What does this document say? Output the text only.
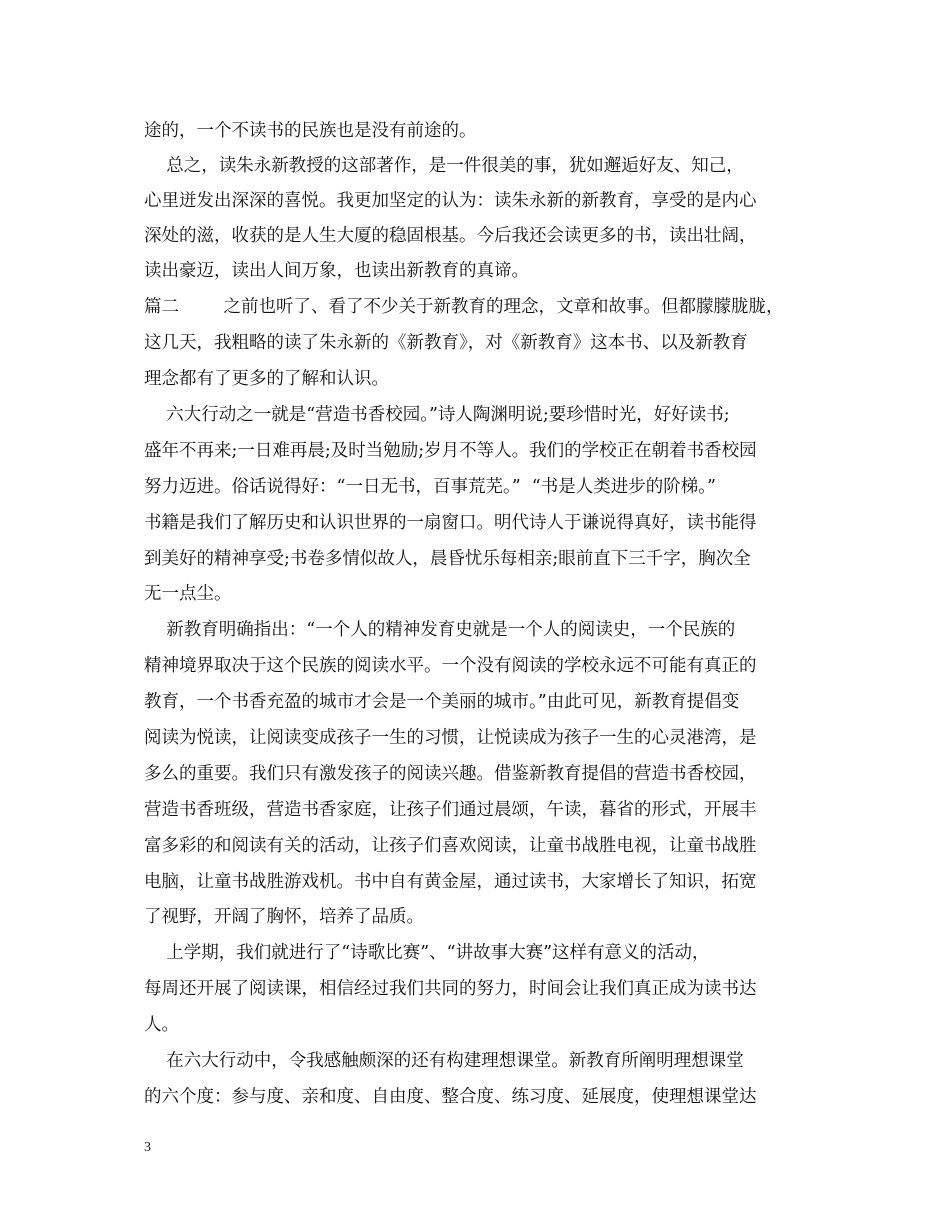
途的，一个不读书的民族也是没有前途的。

总之，读朱永新教授的这部著作，是一件很美的事，犹如邂逅好友、知己，

心里迸发出深深的喜悦。我更加坚定的认为：读朱永新的新教育，享受的是内心

深处的滋，收获的是人生大厦的稳固根基。今后我还会读更多的书，读出壮阔，

读出豪迈，读出人间万象，也读出新教育的真谛。

篇二        之前也听了、看了不少关于新教育的理念，文章和故事。但都朦朦胧胧，

这几天，我粗略的读了朱永新的《新教育》，对《新教育》这本书、以及新教育

理念都有了更多的了解和认识。

六大行动之一就是“营造书香校园。”诗人陶渊明说;要珍惜时光，好好读书;

盛年不再来;一日难再晨;及时当勉励;岁月不等人。我们的学校正在朝着书香校园

努力迈进。俗话说得好：“一日无书，百事荒芜。”  “书是人类进步的阶梯。”

书籍是我们了解历史和认识世界的一扇窗口。明代诗人于谦说得真好，读书能得

到美好的精神享受;书卷多情似故人，晨昏忧乐每相亲;眼前直下三千字，胸次全

无一点尘。

新教育明确指出：“一个人的精神发育史就是一个人的阅读史，一个民族的

精神境界取决于这个民族的阅读水平。一个没有阅读的学校永远不可能有真正的

教育，一个书香充盈的城市才会是一个美丽的城市。”由此可见，新教育提倡变

阅读为悦读，让阅读变成孩子一生的习惯，让悦读成为孩子一生的心灵港湾，是

多么的重要。我们只有激发孩子的阅读兴趣。借鉴新教育提倡的营造书香校园，

营造书香班级，营造书香家庭，让孩子们通过晨颂，午读，暮省的形式，开展丰

富多彩的和阅读有关的活动，让孩子们喜欢阅读，让童书战胜电视，让童书战胜

电脑，让童书战胜游戏机。书中自有黄金屋，通过读书，大家增长了知识，拓宽

了视野，开阔了胸怀，培养了品质。

上学期，我们就进行了“诗歌比赛”、“讲故事大赛”这样有意义的活动，

每周还开展了阅读课，相信经过我们共同的努力，时间会让我们真正成为读书达

人。

在六大行动中，令我感触颇深的还有构建理想课堂。新教育所阐明理想课堂

的六个度：参与度、亲和度、自由度、整合度、练习度、延展度，使理想课堂达

3
